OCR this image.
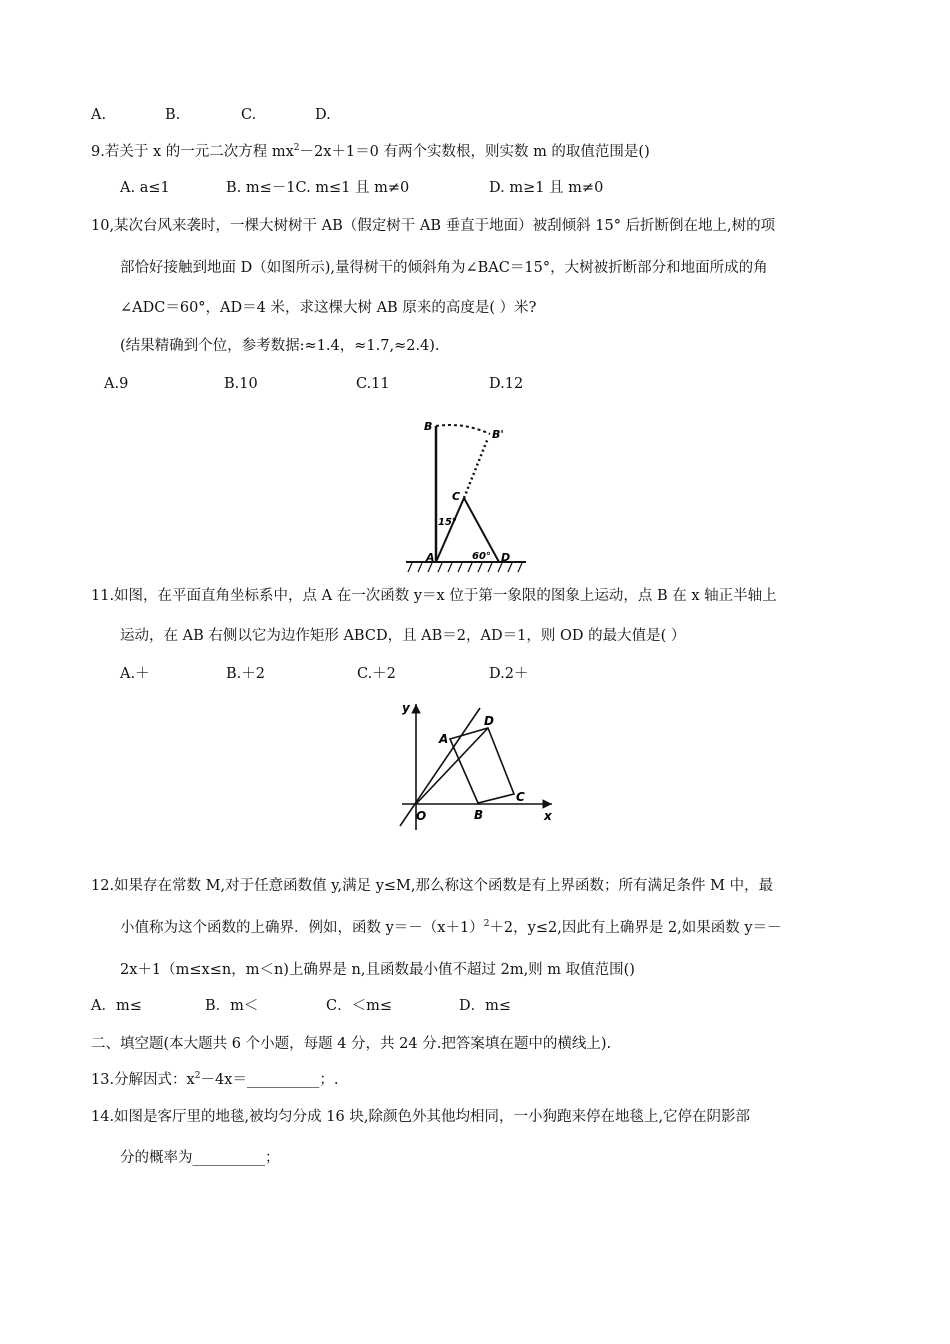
A.	B.	C.	D.
9.若关于 x 的一元二次方程 $mx^2-2x+1=0$ 有两个实数根，则实数 m 的取值范围是()
A. a≤1	B. m≤－1C. m≤1 且 m≠0	D. m≥1 且 m≠0
10,某次台风来袭时，一棵大树树干 AB（假定树干 AB 垂直于地面）被刮倾斜 15° 后折断倒在地上,树的项
部恰好接触到地面 D（如图所示),量得树干的倾斜角为∠BAC＝15°，大树被折断部分和地面所成的角
∠ADC＝60°，AD＝4 米，求这棵大树 AB 原来的高度是( ）米?
(结果精确到个位，参考数据:≈1.4，≈1.7,≈2.4).
A.9	B.10	C.11	D.12
B
B'
C
15°
A	60° D
11.如图，在平面直角坐标系中，点 A 在一次函数 y＝x 位于第一象限的图象上运动，点 B 在 x 轴正半轴上
运动，在 AB 右侧以它为边作矩形 ABCD，且 AB＝2，AD＝1，则 OD 的最大值是( ）
A.＋	B.＋2	C.＋2	D.2＋
y
D
A
C
O	B	x
12.如果存在常数 M,对于任意函数值 y,满足 y≤M,那么称这个函数是有上界函数；所有满足条件 M 中，最
小值称为这个函数的上确界．例如，函数 $y=-(x+1)^2+2$，y≤2,因此有上确界是 2,如果函数 y＝－
2x＋1（m≤x≤n，m＜n)上确界是 n,且函数最小值不超过 2m,则 m 取值范围()
A．m≤	B．m＜	C．＜m≤	D．m≤
二、填空题(本大题共 6 个小题，每题 4 分，共 24 分.把答案填在题中的横线上).
13.分解因式：$x^2-4x=\_\_\_\_\_\_\_\_\_\_$；.
14.如图是客厅里的地毯,被均匀分成 16 块,除颜色外其他均相同，一小狗跑来停在地毯上,它停在阴影部
分的概率为__________；
